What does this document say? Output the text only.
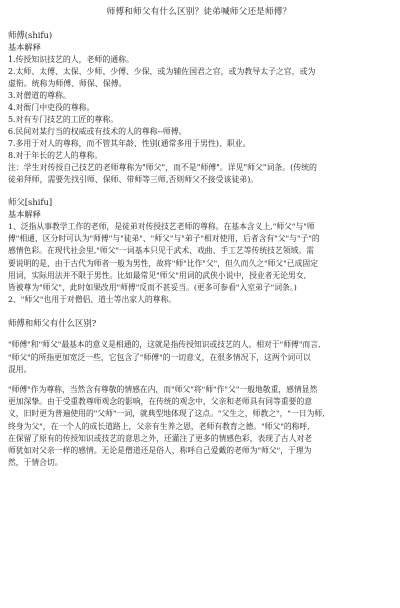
师傅和师父有什么区别？徒弟喊师父还是师傅？

师傅(shifu)

基本解释

1.传授知识技艺的人，老师的通称。

2.太师、太傅、太保、少师、少傅、少保，或为辅佐国君之官，或为教导太子之官，或为

虚衔。统称为师傅、师保、保傅。

3.对僧道的尊称。

4.对衙门中吏役的尊称。

5.对有专门技艺的工匠的尊称。

6.民间对某行当的权威或有技术的人的尊称--师傅。

7.多用于对人的尊称，而不管其年龄、性别(通常多用于男性)、职业。

8.对于年长的艺人的尊称。

注：学生对传授自己技艺的老师尊称为"师父"，而不是"师傅"。详见"师父"词条。(传统的

徒弟拜师，需要先找引师、保师、带师等三师,否则师父不接受该徒弟)。

师父[shifu]

基本解释

1、泛指从事教学工作的老师，是徒弟对传授技艺老师的尊称。在基本含义上,"师父"与"师

傅"相通，区分时可认为"师傅"与"徒弟"、"师父"与"弟子"相对使用，后者含有"父"与"子"的

感情色彩。在现代社会里,"师父"一词基本只见于武术、戏曲、手工艺等传统技艺领域。需

要说明的是，由于古代为师者一般为男性，故将"师"比作"父"，但久而久之"师父"已成固定

用词，实际用法并不限于男性。比如最常见"师父"用词的武侠小说中，授业者无论男女,

皆被尊为"师父"，此时如果改用"师傅"反而不甚妥当。(更多可参看"入室弟子"词条。)

2、"师父"也用于对僧侣、道士等出家人的尊称。

师傅和师父有什么区别?

"师傅"和"师父"最基本的意义是相通的，这就是指传授知识或技艺的人。相对于"师傅"而言,

"师父"的所指更加宽泛一些，它包含了"师傅"的一切意义，在很多情况下，这两个词可以

混用。

"师傅"作为尊称，当然含有尊敬的情感在内，而"师父"将"师"作"父"一般地敬重，感情显然

更加深挚。由于受重教尊师观念的影响，在传统的观念中，父亲和老师具有同等重要的意

义，旧时更为普遍使用的"父师"一词，就典型地体现了这点。"父生之，师教之"，"一日为师,

终身为父"，在一个人的成长道路上，父亲有生养之恩，老师有教育之德。"师父"的称呼,

在保留了原有的传授知识或技艺的意思之外，还灌注了更多的情感色彩，表现了古人对老

师犹如对父亲一样的感情。无论是僧道还是俗人，称呼自己爱戴的老师为"师父"，于理为

然，于情合切。
